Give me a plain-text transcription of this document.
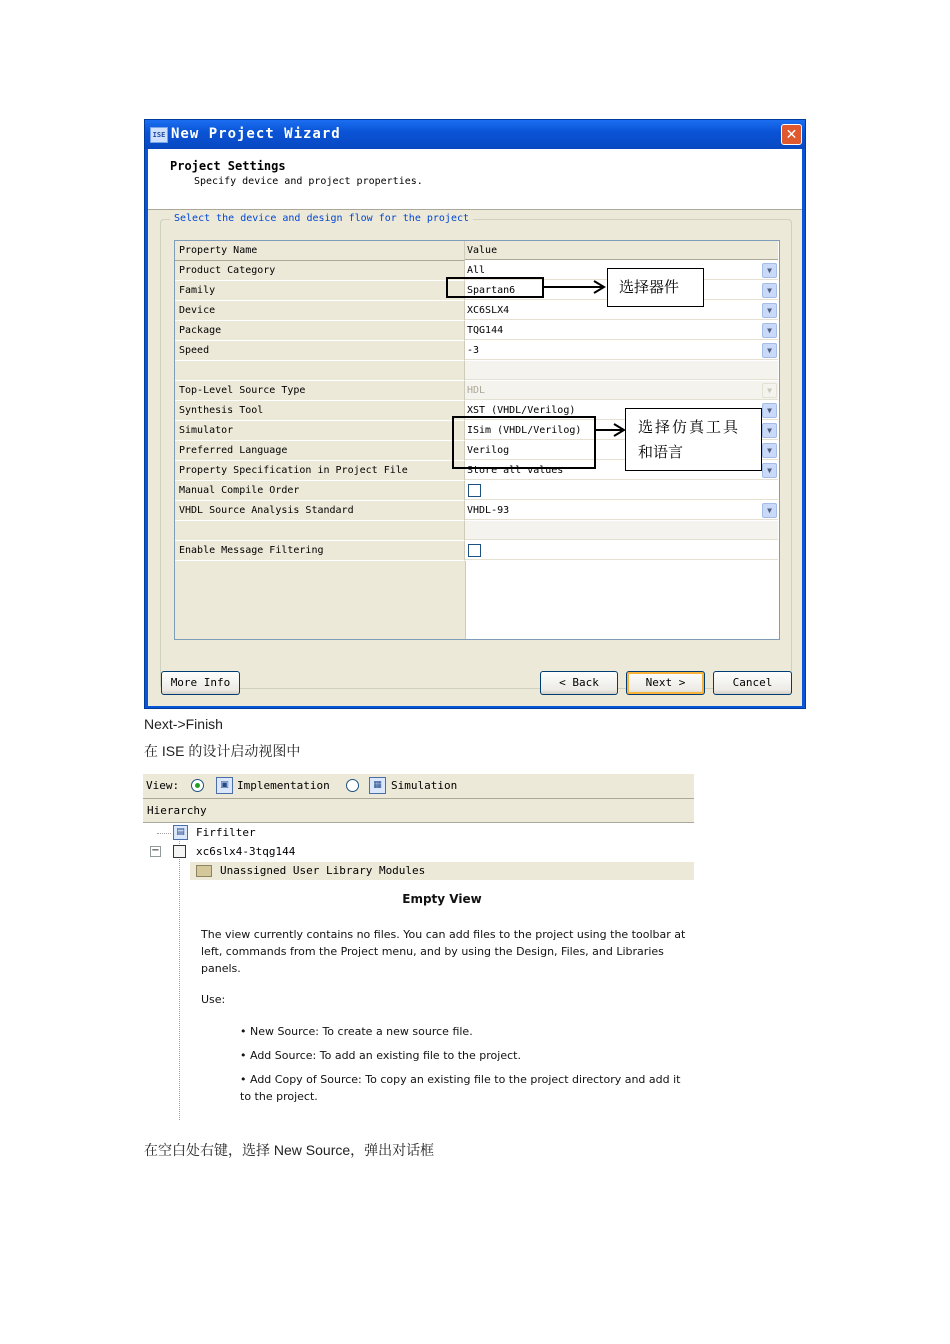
ISE New Project Wizard	✕
Project Settings
Specify device and project properties.
Select the device and design flow for the project
Property Name	Value
Product Category	All	▼
Family	Spartan6	▼
Device	XC6SLX4	▼
Package	TQG144	▼
Speed	-3	▼
Top-Level Source Type	HDL	▼
Synthesis Tool	XST (VHDL/Verilog)	▼
Simulator	ISim (VHDL/Verilog)	▼
Preferred Language	Verilog	▼
Property Specification in Project File	Store all values	▼
Manual Compile Order
VHDL Source Analysis Standard	VHDL-93	▼
Enable Message Filtering
More Info	< Back	Next >	Cancel
选择器件
选择仿真工具
和语言
Next->Finish
在 ISE 的设计启动视图中
View:	▣ Implementation	▦ Simulation
Hierarchy
▤ Firfilter
−	xc6slx4-3tqg144
Unassigned User Library Modules
Empty View
The view currently contains no files. You can add files to the project using the toolbar at left, commands from the Project menu, and by using the Design, Files, and Libraries panels.
Use:
• New Source: To create a new source file.
• Add Source: To add an existing file to the project.
• Add Copy of Source: To copy an existing file to the project directory and add it to the project.
在空白处右键，选择 New Source，弹出对话框
